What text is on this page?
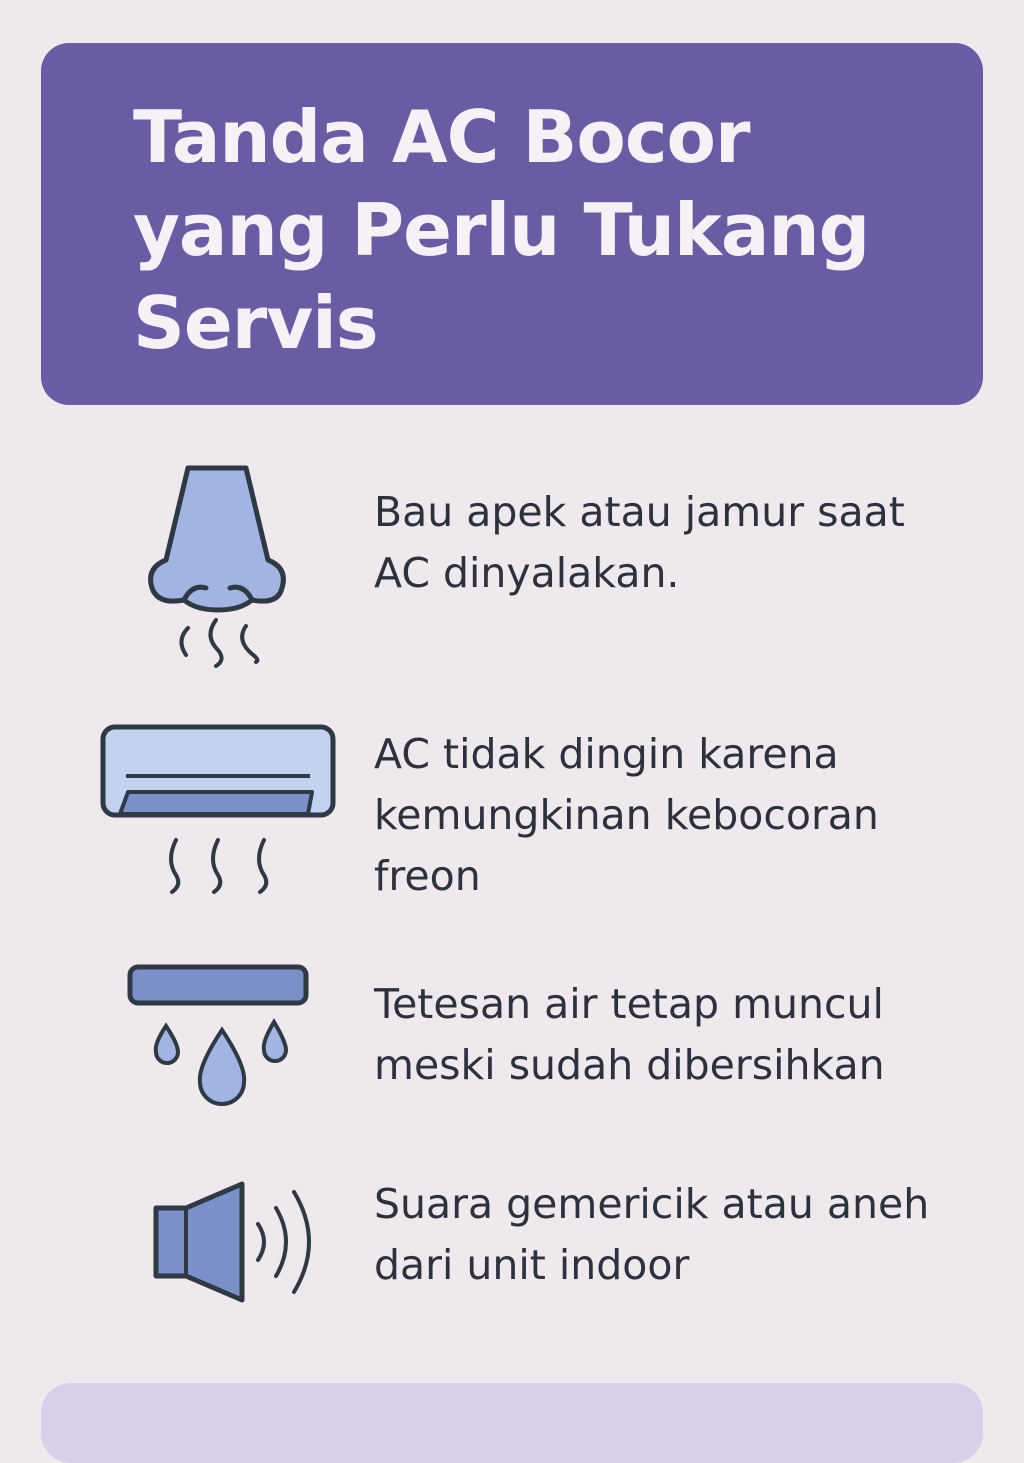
Tanda AC Bocor yang Perlu Tukang Servis

Bau apek atau jamur saat AC dinyalakan.

AC tidak dingin karena kemungkinan kebocoran freon

Tetesan air tetap muncul meski sudah dibersihkan

Suara gemericik atau aneh dari unit indoor
